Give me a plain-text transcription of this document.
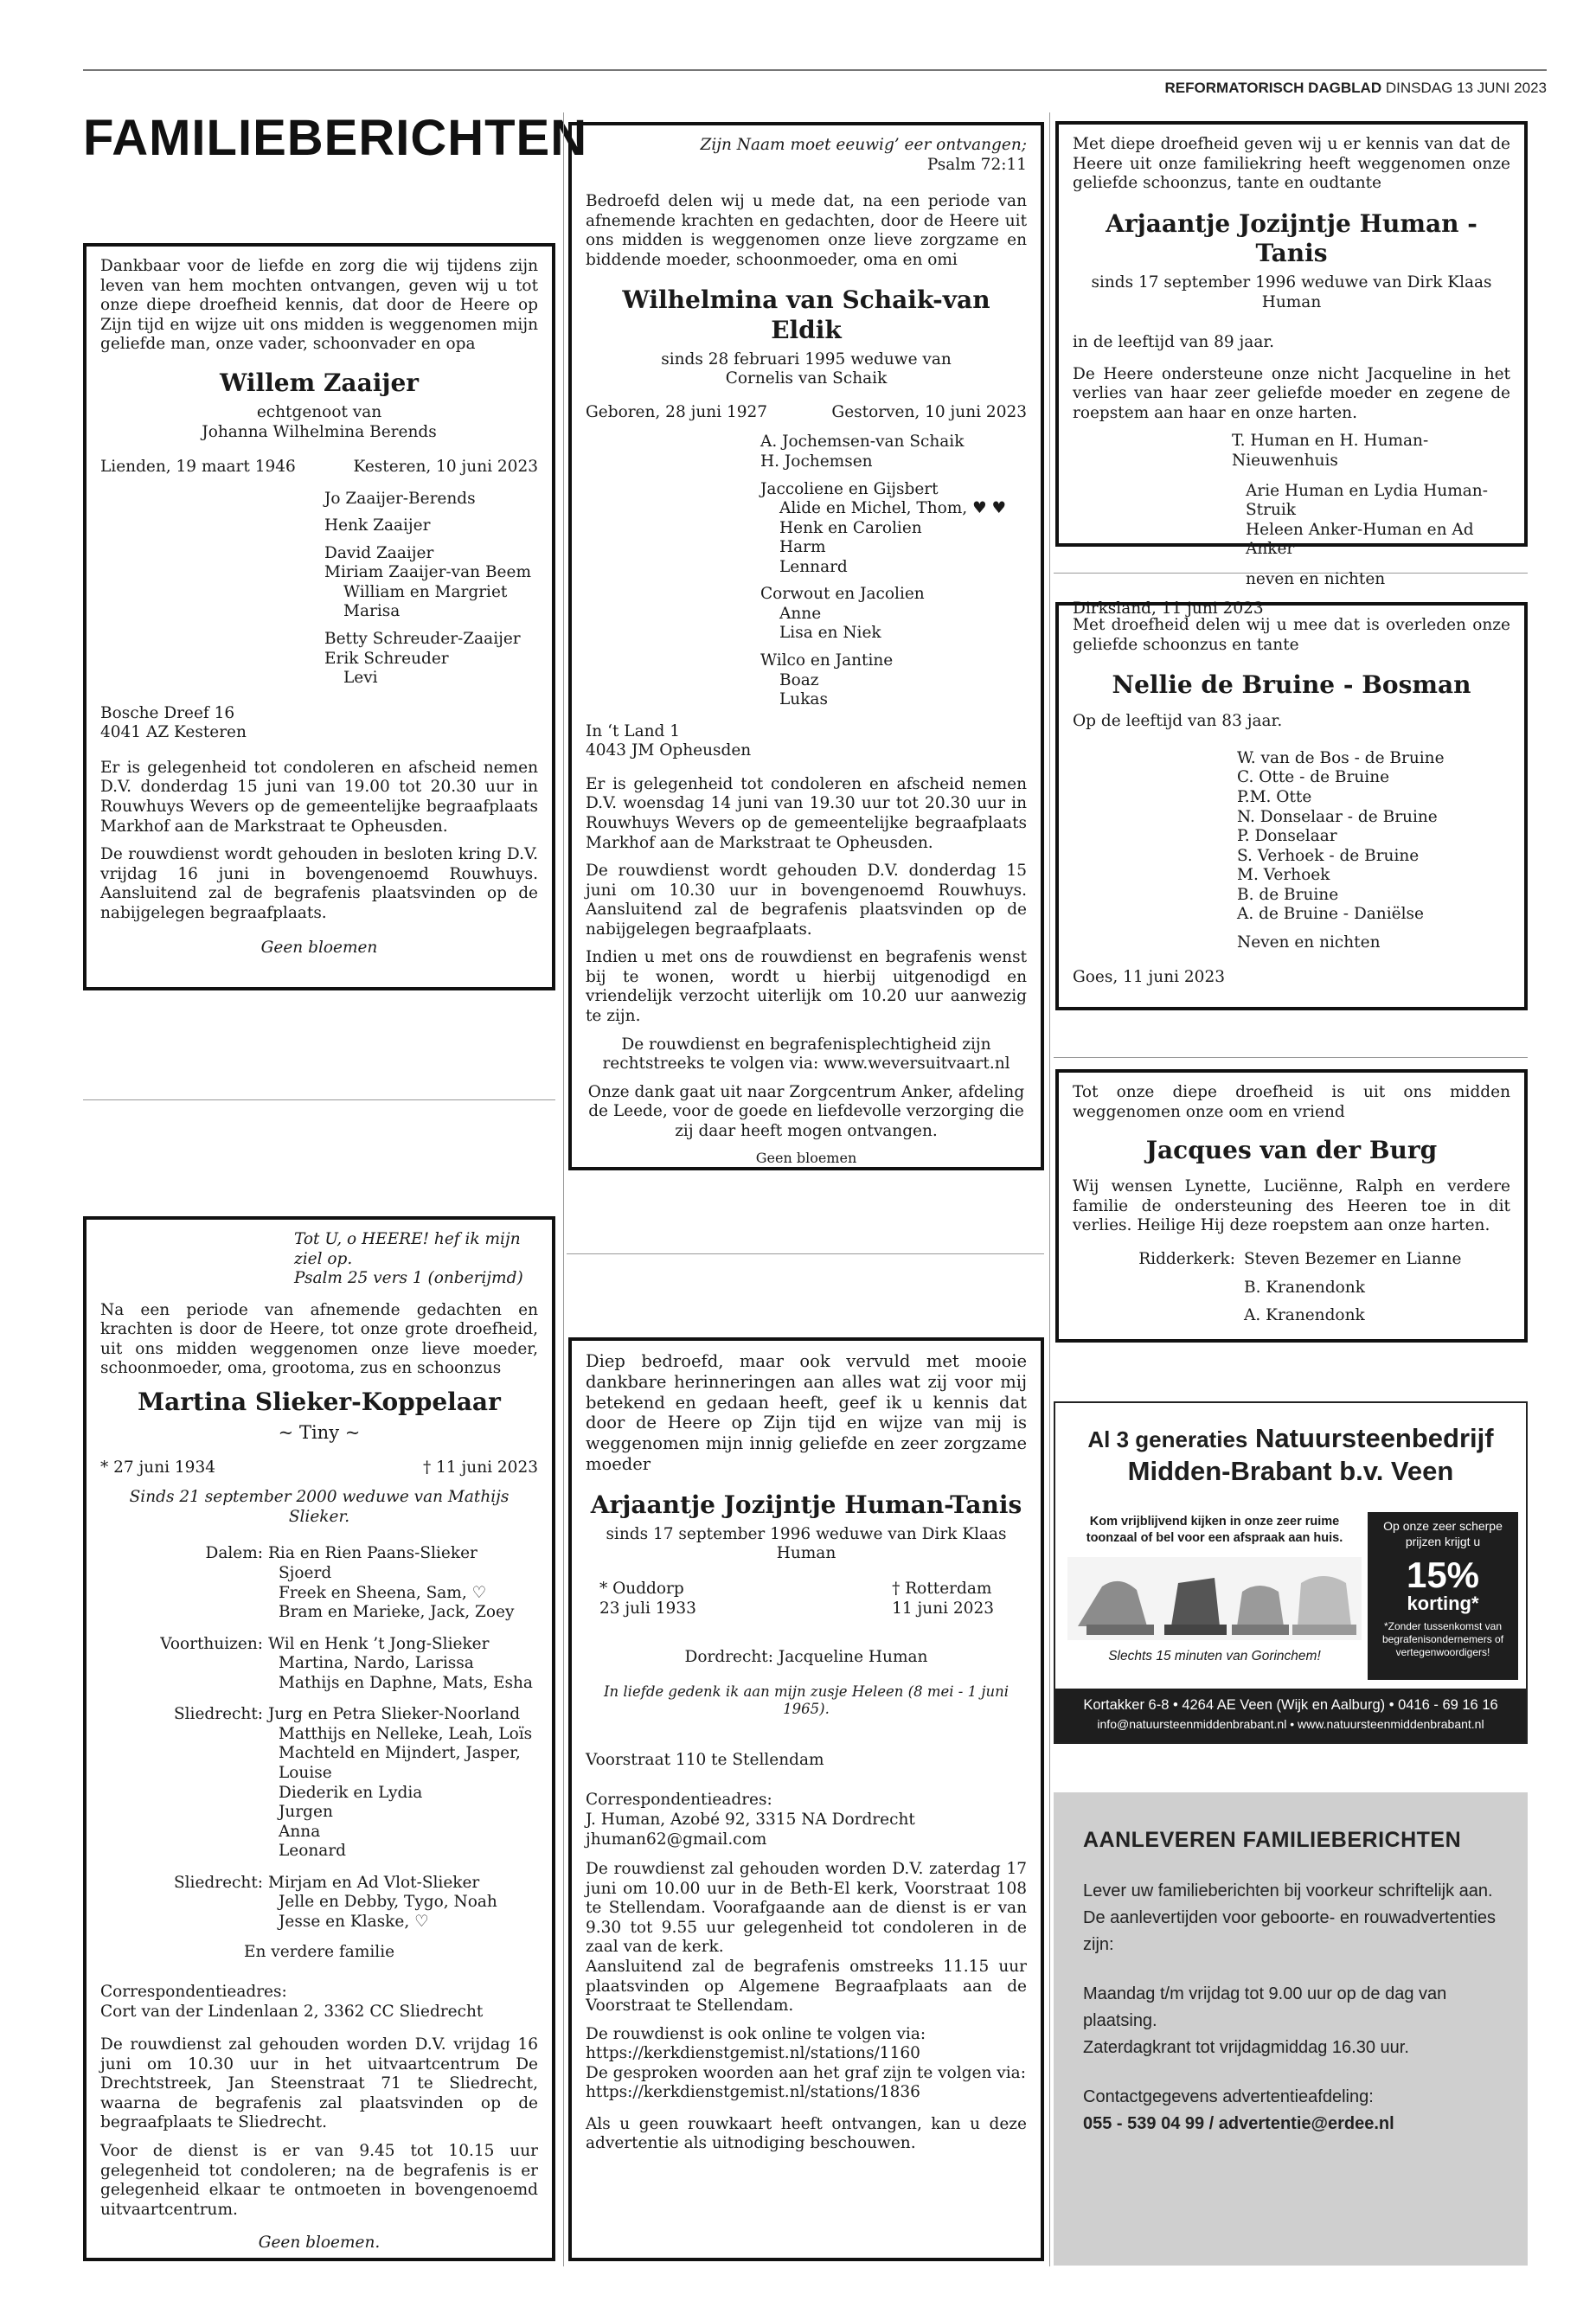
REFORMATORISCH DAGBLAD DINSDAG 13 JUNI 2023
FAMILIEBERICHTEN

Dankbaar voor de liefde en zorg die wij tijdens zijn leven van hem mochten ontvangen, geven wij u tot onze diepe droefheid kennis, dat door de Heere op Zijn tijd en wijze uit ons midden is weggenomen mijn geliefde man, onze vader, schoonvader en opa

Willem Zaaijer
echtgenoot van
Johanna Wilhelmina Berends
Lienden, 19 maart 1946	Kesteren, 10 juni 2023
Jo Zaaijer-Berends
Henk Zaaijer
David Zaaijer
Miriam Zaaijer-van Beem
William en Margriet
Marisa
Betty Schreuder-Zaaijer
Erik Schreuder
Levi
Bosche Dreef 16
4041 AZ Kesteren

Er is gelegenheid tot condoleren en afscheid nemen D.V. donderdag 15 juni van 19.00 tot 20.30 uur in Rouwhuys Wevers op de gemeentelijke begraafplaats Markhof aan de Markstraat te Opheusden.

De rouwdienst wordt gehouden in besloten kring D.V. vrijdag 16 juni in bovengenoemd Rouwhuys. Aansluitend zal de begrafenis plaatsvinden op de nabijgelegen begraafplaats.

Geen bloemen
Tot U, o HEERE! hef ik mijn ziel op.
Psalm 25 vers 1 (onberijmd)

Na een periode van afnemende gedachten en krachten is door de Heere, tot onze grote droefheid, uit ons midden weggenomen onze lieve moeder, schoonmoeder, oma, grootoma, zus en schoonzus

Martina Slieker-Koppelaar
~ Tiny ~
* 27 juni 1934	† 11 juni 2023
Sinds 21 september 2000 weduwe van Mathijs Slieker.
Dalem: Ria en Rien Paans-Slieker
Sjoerd
Freek en Sheena, Sam, ♡
Bram en Marieke, Jack, Zoey
Voorthuizen: Wil en Henk ’t Jong-Slieker
Martina, Nardo, Larissa
Mathijs en Daphne, Mats, Esha
Sliedrecht: Jurg en Petra Slieker-Noorland
Matthijs en Nelleke, Leah, Loïs
Machteld en Mijndert, Jasper, Louise
Diederik en Lydia
Jurgen
Anna
Leonard
Sliedrecht: Mirjam en Ad Vlot-Slieker
Jelle en Debby, Tygo, Noah
Jesse en Klaske, ♡
En verdere familie
Correspondentieadres:
Cort van der Lindenlaan 2, 3362 CC Sliedrecht

De rouwdienst zal gehouden worden D.V. vrijdag 16 juni om 10.30 uur in het uitvaartcentrum De Drechtstreek, Jan Steenstraat 71 te Sliedrecht, waarna de begrafenis zal plaatsvinden op de begraafplaats te Sliedrecht.

Voor de dienst is er van 9.45 tot 10.15 uur gelegenheid tot condoleren; na de begrafenis is er gelegenheid elkaar te ontmoeten in bovengenoemd uitvaartcentrum.

Geen bloemen.
Zijn Naam moet eeuwig’ eer ontvangen;
Psalm 72:11

Bedroefd delen wij u mede dat, na een periode van afnemende krachten en gedachten, door de Heere uit ons midden is weggenomen onze lieve zorgzame en biddende moeder, schoonmoeder, oma en omi

Wilhelmina van Schaik-van Eldik
sinds 28 februari 1995 weduwe van
Cornelis van Schaik
Geboren, 28 juni 1927	Gestorven, 10 juni 2023
A. Jochemsen-van Schaik
H. Jochemsen
Jaccoliene en Gijsbert
Alide en Michel, Thom, ♥ ♥
Henk en Carolien
Harm
Lennard
Corwout en Jacolien
Anne
Lisa en Niek
Wilco en Jantine
Boaz
Lukas
In ‘t Land 1
4043 JM Opheusden

Er is gelegenheid tot condoleren en afscheid nemen D.V. woensdag 14 juni van 19.30 uur tot 20.30 uur in Rouwhuys Wevers op de gemeentelijke begraafplaats Markhof aan de Markstraat te Opheusden.

De rouwdienst wordt gehouden D.V. donderdag 15 juni om 10.30 uur in bovengenoemd Rouwhuys. Aansluitend zal de begrafenis plaatsvinden op de nabijgelegen begraafplaats.

Indien u met ons de rouwdienst en begrafenis wenst bij te wonen, wordt u hierbij uitgenodigd en vriendelijk verzocht uiterlijk om 10.20 uur aanwezig te zijn.

De rouwdienst en begrafenisplechtigheid zijn rechtstreeks te volgen via: www.weversuitvaart.nl

Onze dank gaat uit naar Zorgcentrum Anker, afdeling de Leede, voor de goede en liefdevolle verzorging die zij daar heeft mogen ontvangen.

Geen bloemen

Diep bedroefd, maar ook vervuld met mooie dankbare herinneringen aan alles wat zij voor mij betekend en gedaan heeft, geef ik u kennis dat door de Heere op Zijn tijd en wijze van mij is weggenomen mijn innig geliefde en zeer zorgzame moeder

Arjaantje Jozijntje Human-Tanis
sinds 17 september 1996 weduwe van Dirk Klaas Human
* Ouddorp
23 juli 1933
† Rotterdam
11 juni 2023
Dordrecht: Jacqueline Human
In liefde gedenk ik aan mijn zusje Heleen (8 mei - 1 juni 1965).
Voorstraat 110 te Stellendam
Correspondentieadres:
J. Human, Azobé 92, 3315 NA Dordrecht
jhuman62@gmail.com
De rouwdienst zal gehouden worden D.V. zaterdag 17 juni om 10.00 uur in de Beth-El kerk, Voorstraat 108 te Stellendam. Voorafgaande aan de dienst is er van 9.30 tot 9.55 uur gelegenheid tot condoleren in de zaal van de kerk.

Aansluitend zal de begrafenis omstreeks 11.15 uur plaatsvinden op Algemene Begraafplaats aan de Voorstraat te Stellendam.

De rouwdienst is ook online te volgen via:
https://kerkdienstgemist.nl/stations/1160
De gesproken woorden aan het graf zijn te volgen via:
https://kerkdienstgemist.nl/stations/1836

Als u geen rouwkaart heeft ontvangen, kan u deze advertentie als uitnodiging beschouwen.

Met diepe droefheid geven wij u er kennis van dat de Heere uit onze familiekring heeft weggenomen onze geliefde schoonzus, tante en oudtante

Arjaantje Jozijntje Human - Tanis
sinds 17 september 1996 weduwe van Dirk Klaas Human
in de leeftijd van 89 jaar.

De Heere ondersteune onze nicht Jacqueline in het verlies van haar zeer geliefde moeder en zegene de roepstem aan haar en onze harten.

T. Human en H. Human-Nieuwenhuis
Arie Human en Lydia Human-Struik
Heleen Anker-Human en Ad Anker
neven en nichten
Dirksland, 11 juni 2023

Met droefheid delen wij u mee dat is overleden onze geliefde schoonzus en tante

Nellie de Bruine - Bosman
Op de leeftijd van 83 jaar.
W. van de Bos - de Bruine
C. Otte - de Bruine
P.M. Otte
N. Donselaar - de Bruine
P. Donselaar
S. Verhoek - de Bruine
M. Verhoek
B. de Bruine
A. de Bruine - Daniëlse
Neven en nichten
Goes, 11 juni 2023

Tot onze diepe droefheid is uit ons midden weggenomen onze oom en vriend

Jacques van der Burg

Wij wensen Lynette, Luciënne, Ralph en verdere familie de ondersteuning des Heeren toe in dit verlies. Heilige Hij deze roepstem aan onze harten.

Ridderkerk: Steven Bezemer en Lianne
B. Kranendonk
A. Kranendonk
Al 3 generaties Natuursteenbedrijf
Midden-Brabant b.v. Veen
Kom vrijblijvend kijken in onze zeer ruime toonzaal of bel voor een afspraak aan huis.
Slechts 15 minuten van Gorinchem!
Op onze zeer scherpe prijzen krijgt u
15%
korting*
*Zonder tussenkomst van begrafenisondernemers of vertegenwoordigers!
Kortakker 6-8 • 4264 AE Veen (Wijk en Aalburg) • 0416 - 69 16 16
info@natuursteenmiddenbrabant.nl • www.natuursteenmiddenbrabant.nl
AANLEVEREN FAMILIEBERICHTEN
Lever uw familieberichten bij voorkeur schriftelijk aan.

De aanlevertijden voor geboorte- en rouwadvertenties zijn:

Maandag t/m vrijdag tot 9.00 uur op de dag van plaatsing.

Zaterdagkrant tot vrijdagmiddag 16.30 uur.

Contactgegevens advertentieafdeling:
055 - 539 04 99 / advertentie@erdee.nl
